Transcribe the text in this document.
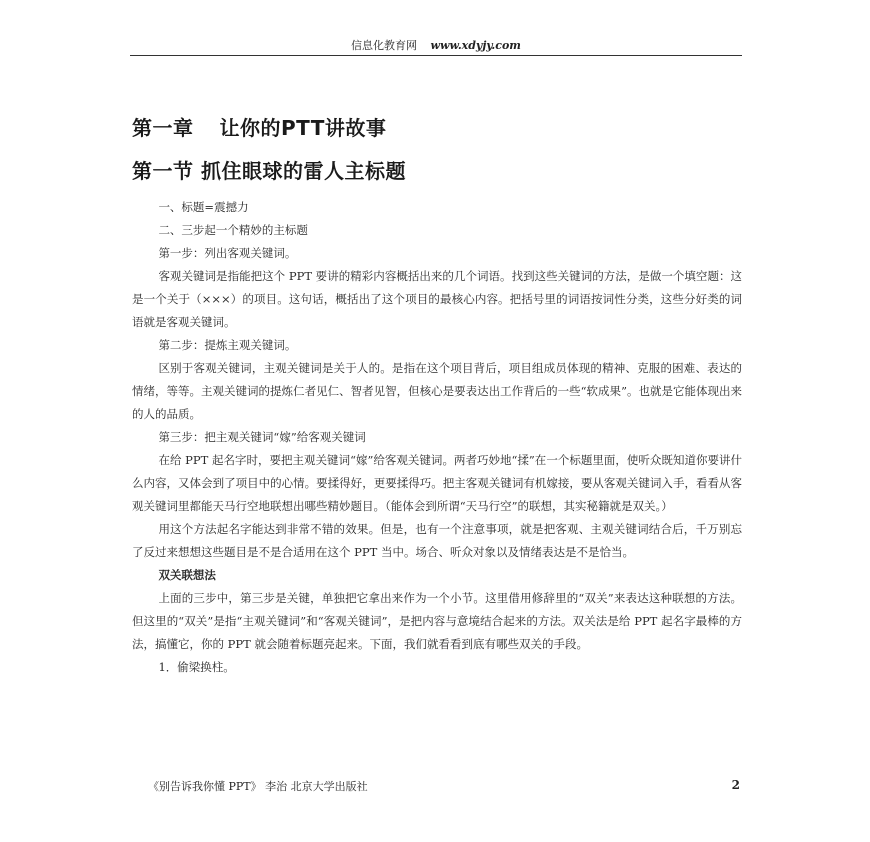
信息化教育网 www.xdyjy.com
第一章 让你的PTT讲故事
第一节 抓住眼球的雷人主标题

一、标题=震撼力

二、三步起一个精妙的主标题

第一步：列出客观关键词。

客观关键词是指能把这个 PPT 要讲的精彩内容概括出来的几个词语。找到这些关键词的方法，是做一个填空题：这是一个关于（×××）的项目。这句话，概括出了这个项目的最核心内容。把括号里的词语按词性分类，这些分好类的词语就是客观关键词。

第二步：提炼主观关键词。

区别于客观关键词，主观关键词是关于人的。是指在这个项目背后，项目组成员体现的精神、克服的困难、表达的情绪，等等。主观关键词的提炼仁者见仁、智者见智，但核心是要表达出工作背后的一些“软成果”。也就是它能体现出来的人的品质。

第三步：把主观关键词“嫁”给客观关键词

在给 PPT 起名字时，要把主观关键词“嫁”给客观关键词。两者巧妙地“揉”在一个标题里面，使听众既知道你要讲什么内容，又体会到了项目中的心情。要揉得好，更要揉得巧。把主客观关键词有机嫁接，要从客观关键词入手，看看从客观关键词里都能天马行空地联想出哪些精妙题目。（能体会到所谓“天马行空”的联想，其实秘籍就是双关。）

用这个方法起名字能达到非常不错的效果。但是，也有一个注意事项，就是把客观、主观关键词结合后，千万别忘了反过来想想这些题目是不是合适用在这个 PPT 当中。场合、听众对象以及情绪表达是不是恰当。

双关联想法

上面的三步中，第三步是关键，单独把它拿出来作为一个小节。这里借用修辞里的“双关”来表达这种联想的方法。但这里的“双关”是指“主观关键词”和“客观关键词”，是把内容与意境结合起来的方法。双关法是给 PPT 起名字最棒的方法，搞懂它，你的 PPT 就会随着标题亮起来。下面，我们就看看到底有哪些双关的手段。

1．偷梁换柱。

《别告诉我你懂 PPT》 李治 北京大学出版社	2
